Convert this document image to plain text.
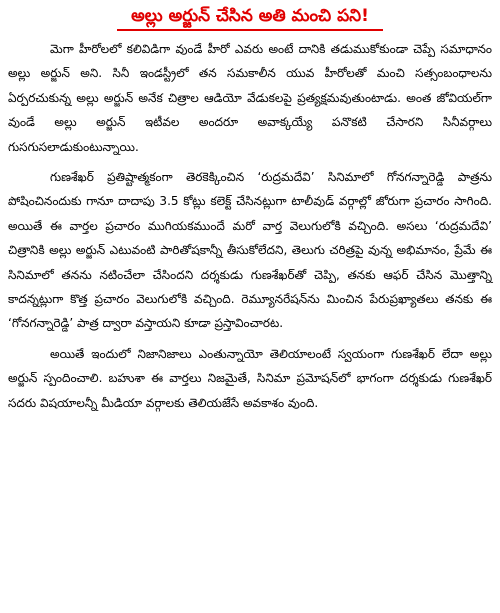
అల్లు అర్జున్ చేసిన అతి మంచి పని!

మెగా హీరోలలో కలివిడిగా వుండే హీరో ఎవరు అంటే దానికి తడుముకోకుండా చెప్పే సమాధానం అల్లు అర్జున్ అని. సినీ ఇండస్ట్రీలో తన సమకాలీన యువ హీరోలతో మంచి సత్సంబంధాలను ఏర్పరచుకున్న అల్లు అర్జున్ అనేక చిత్రాల ఆడియో వేడుకలపై ప్రత్యక్షమవుతుంటాడు. అంత జోవియల్‌గా వుండే అల్లు అర్జున్ ఇటీవల అందరూ అవాక్కయ్యే పనొకటి చేసారని సినీవర్గాలు గుసగుసలాడుకుంటున్నాయి.

గుణశేఖర్ ప్రతిష్టాత్మకంగా తెరకెక్కించిన ‘రుద్రమదేవి’ సినిమాలో గోనగన్నారెడ్డి పాత్రను పోషించినందుకు గానూ దాదాపు 3.5 కోట్లు కలెక్ట్ చేసినట్లుగా టాలీవుడ్ వర్గాల్లో జోరుగా ప్రచారం సాగింది. అయితే ఈ వార్తల ప్రచారం ముగియకముందే మరో వార్త వెలుగులోకి వచ్చింది. అసలు ‘రుద్రమదేవి’ చిత్రానికి అల్లు అర్జున్ ఎటువంటి పారితోషకాన్నీ తీసుకోలేదని, తెలుగు చరిత్రపై వున్న అభిమానం, ప్రేమే ఈ సినిమాలో తనను నటించేలా చేసిందని దర్శకుడు గుణశేఖర్‌తో చెప్పి, తనకు ఆఫర్ చేసిన మొత్తాన్ని కాదన్నట్లుగా కొత్త ప్రచారం వెలుగులోకి వచ్చింది. రెమ్యూనరేషన్‌ను మించిన పేరుప్రఖ్యాతలు తనకు ఈ ‘గోనగన్నారెడ్డి’ పాత్ర ద్వారా వస్తాయని కూడా ప్రస్తావించారట.

అయితే ఇందులో నిజానిజాలు ఎంతున్నాయో తెలియాలంటే స్వయంగా గుణశేఖర్ లేదా అల్లు అర్జున్ స్పందించాలి. బహుశా ఈ వార్తలు నిజమైతే, సినిమా ప్రమోషన్‌లో భాగంగా దర్శకుడు గుణశేఖర్ సదరు విషయాలన్నీ మీడియా వర్గాలకు తెలియజేసే అవకాశం వుంది.
